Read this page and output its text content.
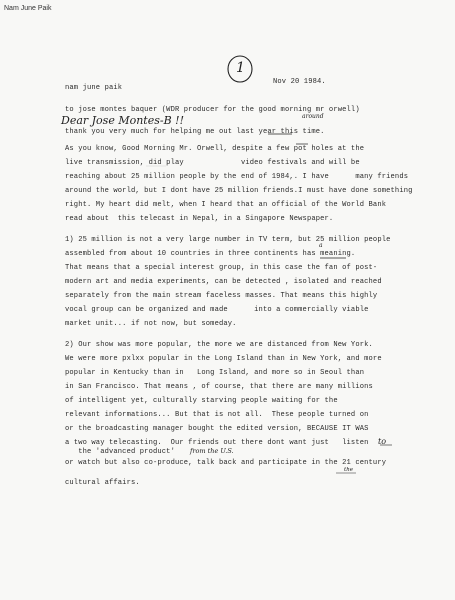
Nam June Paik
1
nam june paik
Nov 20 1984.
to jose montes baquer (WDR producer for the good morning mr orwell)
Dear Jose Montes-B !!	around
thank you very much for helping me out last year this time.
As you know, Good Morning Mr. Orwell, despite a few pot holes at the
live transmission, did play             video festivals and will be
reaching about 25 million people by the end of 1984,. I have      many friends
around the world, but I dont have 25 million friends.I must have done something
right. My heart did melt, when I heard that an official of the World Bank
read about  this telecast in Nepal, in a Singapore Newspaper.
1) 25 million is not a very large number in TV term, but 25 million people
assembled from about 10 countries in three continents has meaning.
a
That means that a special interest group, in this case the fan of post-
modern art and media experiments, can be detected , isolated and reached
separately from the main stream faceless masses. That means this highly
vocal group can be organized and made      into a commercially viable
market unit... if not now, but someday.
2) Our show was more popular, the more we are distanced from New York.
We were more pxlxx popular in the Long Island than in New York, and more
popular in Kentucky than in   Long Island, and more so in Seoul than
in San Francisco. That means , of course, that there are many millions
of intelligent yet, culturally starving people waiting for the
relevant informations... But that is not all.  These people turned on
or the broadcasting manager bought the edited version, BECAUSE IT WAS
a two way telecasting.  Our friends out there dont want just   listen to
the 'advanced product' from the U.S.
or watch but also co-produce, talk back and participate in the 21 century
the
cultural affairs.
